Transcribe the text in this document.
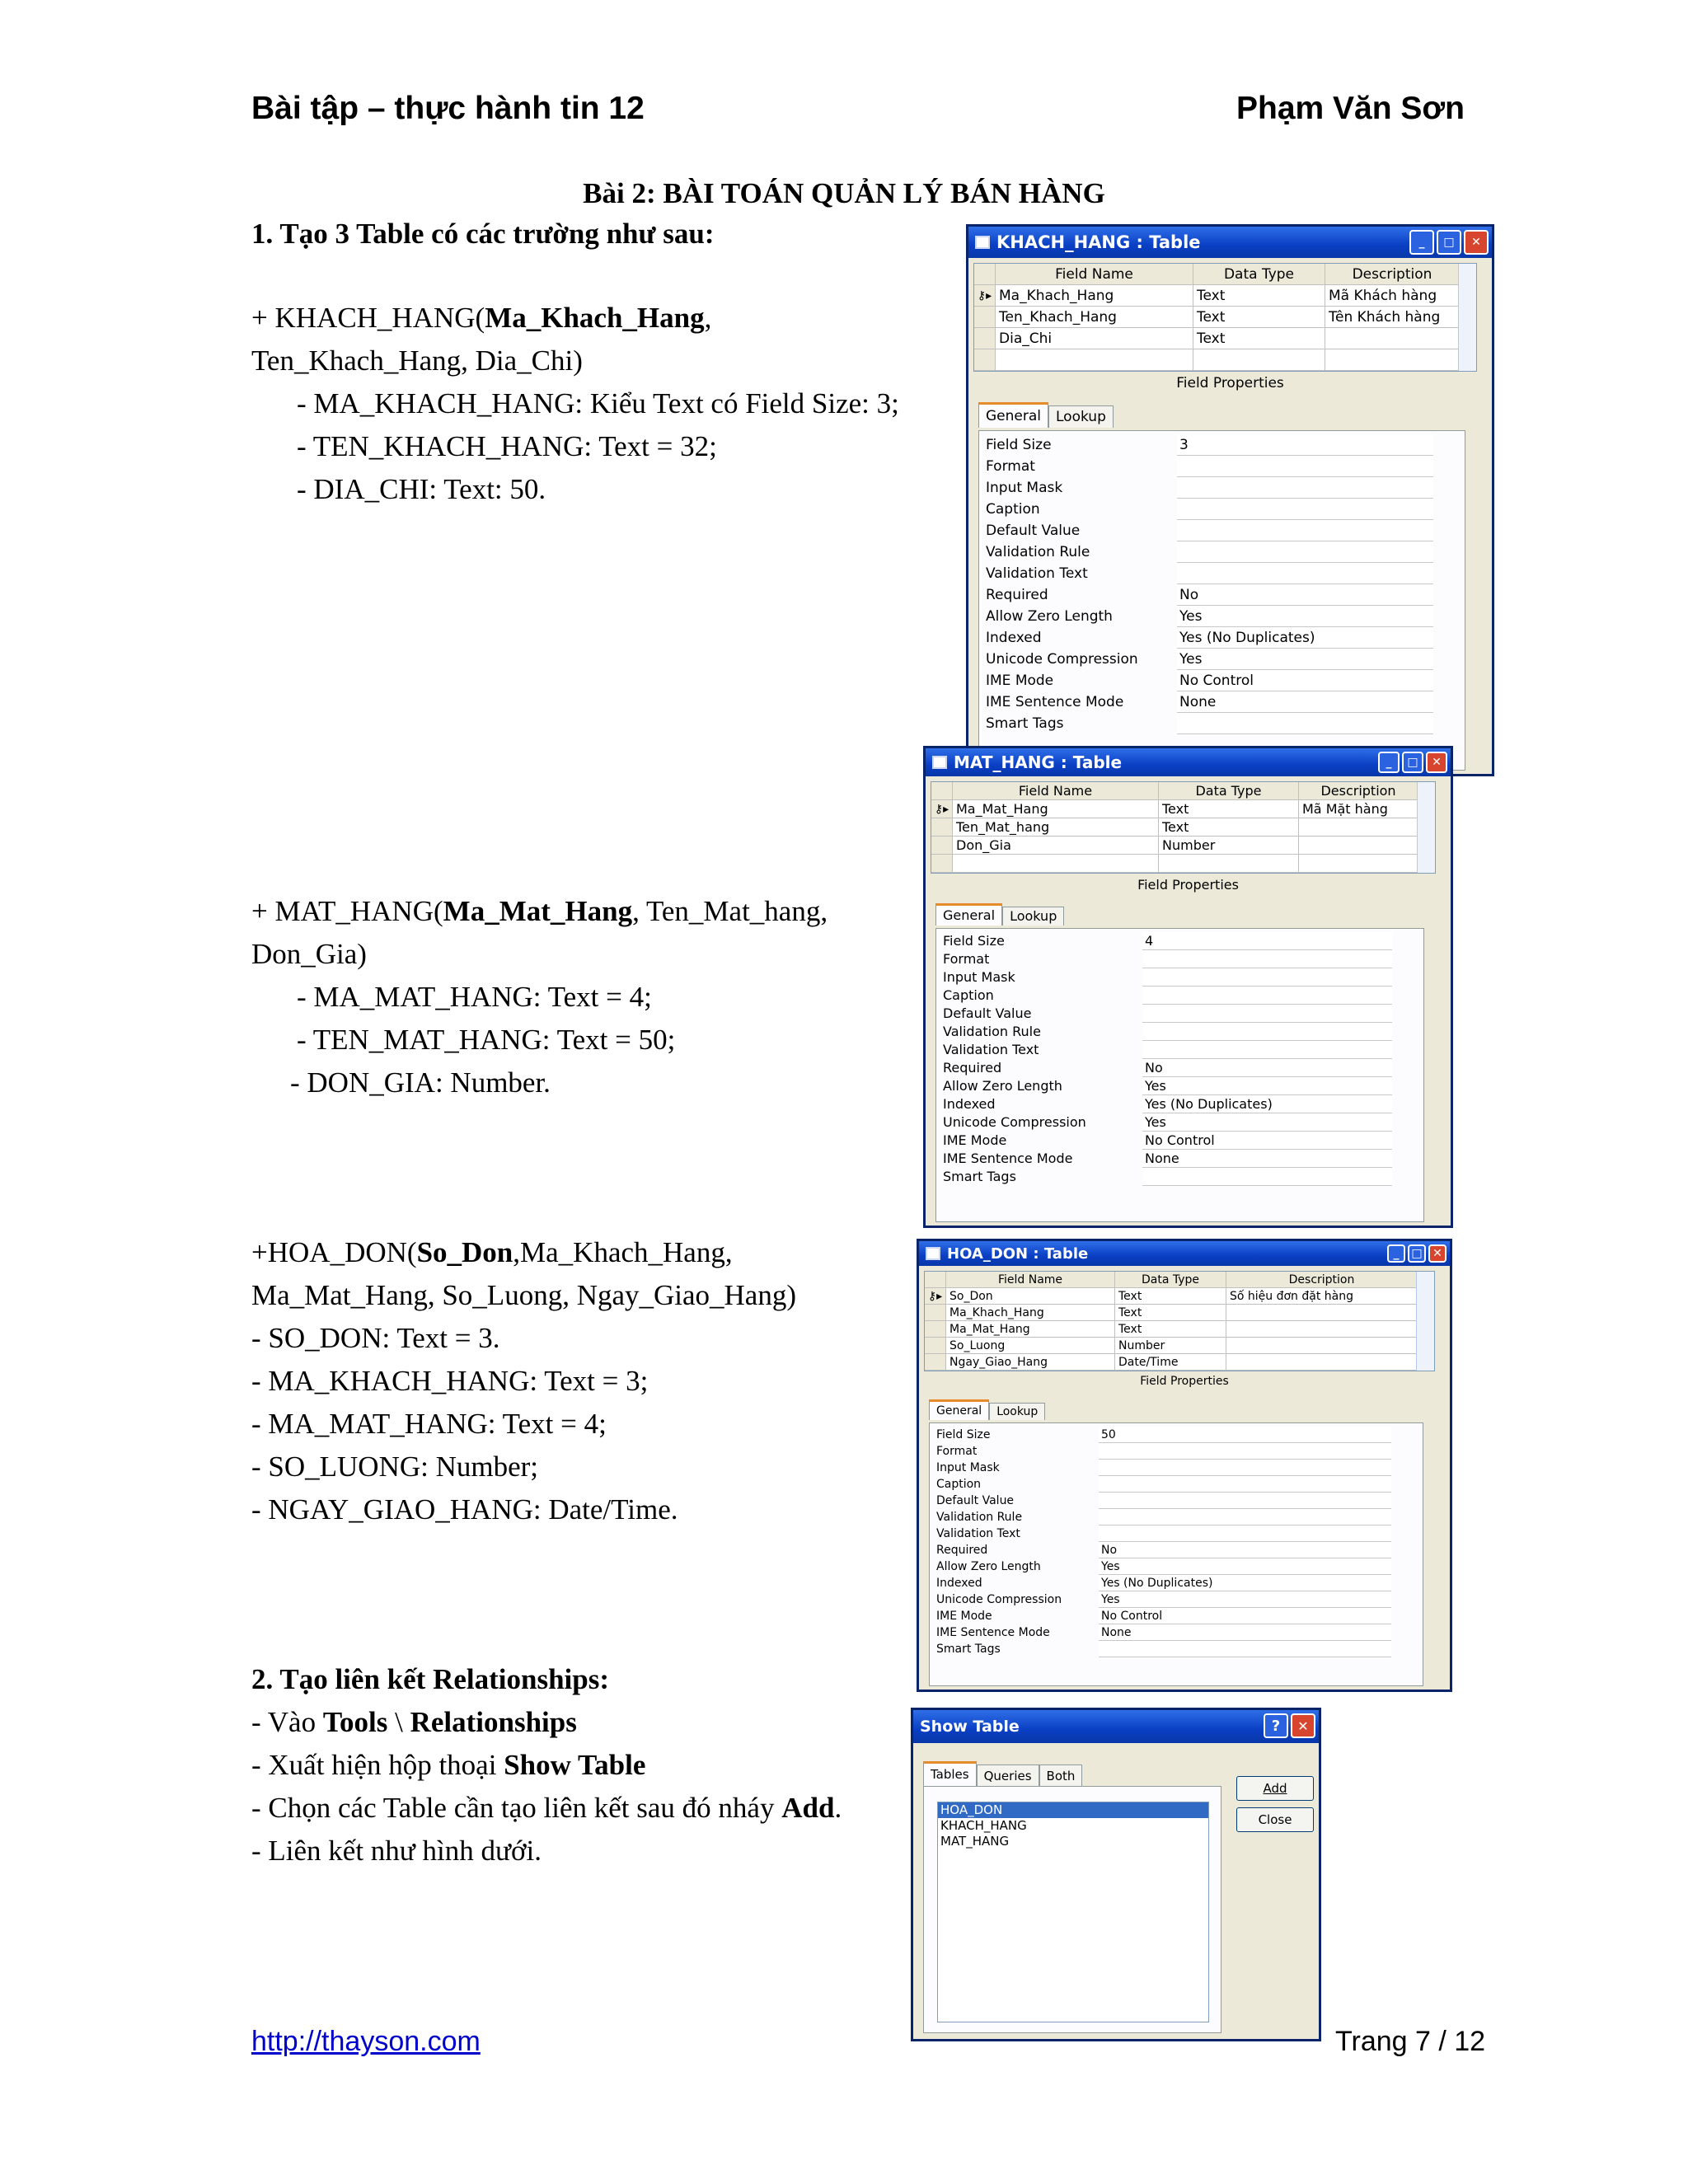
Bài tập – thực hành tin 12	Phạm Văn Sơn
Bài 2: BÀI TOÁN QUẢN LÝ BÁN HÀNG
1. Tạo 3 Table có các trường như sau:
+ KHACH_HANG(Ma_Khach_Hang,
Ten_Khach_Hang, Dia_Chi)
- MA_KHACH_HANG: Kiểu Text có Field Size: 3;
- TEN_KHACH_HANG: Text = 32;
- DIA_CHI: Text: 50.
+ MAT_HANG(Ma_Mat_Hang, Ten_Mat_hang,
Don_Gia)
- MA_MAT_HANG: Text = 4;
- TEN_MAT_HANG: Text = 50;
- DON_GIA: Number.
+HOA_DON(So_Don,Ma_Khach_Hang,
Ma_Mat_Hang, So_Luong, Ngay_Giao_Hang)
- SO_DON: Text = 3.
- MA_KHACH_HANG: Text = 3;
- MA_MAT_HANG: Text = 4;
- SO_LUONG: Number;
- NGAY_GIAO_HANG: Date/Time.
2. Tạo liên kết Relationships:
- Vào Tools \ Relationships
- Xuất hiện hộp thoại Show Table
- Chọn các Table cần tạo liên kết sau đó nháy Add.
- Liên kết như hình dưới.
KHACH_HANG : Table	_	□	✕
Field Name	Data Type	Description
⚷▸ Ma_Khach_Hang	Text	Mã Khách hàng
Ten_Khach_Hang	Text	Tên Khách hàng
Dia_Chi	Text
Field Properties
General	Lookup
Field Size	3
Format
Input Mask
Caption
Default Value
Validation Rule
Validation Text
Required	No
Allow Zero Length	Yes
Indexed	Yes (No Duplicates)
Unicode Compression	Yes
IME Mode	No Control
IME Sentence Mode	None
Smart Tags
MAT_HANG : Table	_	□	✕
Field Name	Data Type	Description
⚷▸ Ma_Mat_Hang	Text	Mã Mặt hàng
Ten_Mat_hang	Text
Don_Gia	Number
Field Properties
General	Lookup
Field Size	4
Format
Input Mask
Caption
Default Value
Validation Rule
Validation Text
Required	No
Allow Zero Length	Yes
Indexed	Yes (No Duplicates)
Unicode Compression	Yes
IME Mode	No Control
IME Sentence Mode	None
Smart Tags
HOA_DON : Table	_	□ ✕
Field Name	Data Type	Description
⚷▸ So_Don	Text	Số hiệu đơn đặt hàng
Ma_Khach_Hang	Text
Ma_Mat_Hang	Text
So_Luong	Number
Ngay_Giao_Hang	Date/Time
Field Properties
General	Lookup
Field Size	50
Format
Input Mask
Caption
Default Value
Validation Rule
Validation Text
Required	No
Allow Zero Length	Yes
Indexed	Yes (No Duplicates)
Unicode Compression	Yes
IME Mode	No Control
IME Sentence Mode	None
Smart Tags
Show Table	?	✕
Tables	Queries	Both
HOA_DON
KHACH_HANG
MAT_HANG
Add
Close
http://thayson.com	Trang 7 / 12
